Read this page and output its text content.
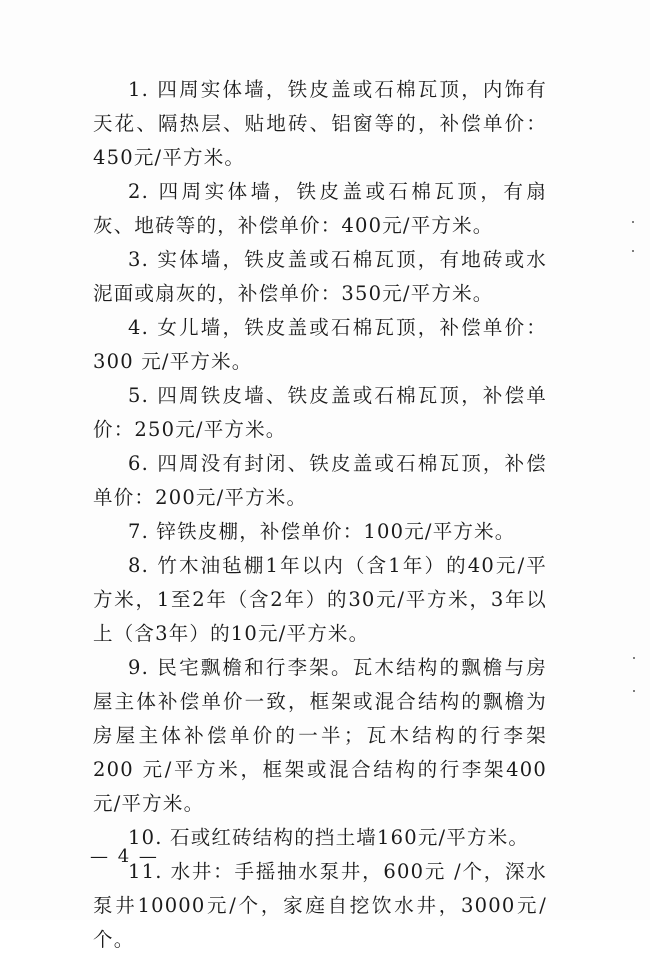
1. 四周实体墙，铁皮盖或石棉瓦顶，内饰有天花、隔热层、贴地砖、铝窗等的，补偿单价：450元/平方米。

2. 四周实体墙，铁皮盖或石棉瓦顶，有扇灰、地砖等的，补偿单价：400元/平方米。

3. 实体墙，铁皮盖或石棉瓦顶，有地砖或水泥面或扇灰的，补偿单价：350元/平方米。

4. 女儿墙，铁皮盖或石棉瓦顶，补偿单价：300 元/平方米。

5. 四周铁皮墙、铁皮盖或石棉瓦顶，补偿单价：250元/平方米。

6. 四周没有封闭、铁皮盖或石棉瓦顶，补偿单价：200元/平方米。

7. 锌铁皮棚，补偿单价：100元/平方米。

8. 竹木油毡棚1年以内（含1年）的40元/平方米，1至2年（含2年）的30元/平方米，3年以上（含3年）的10元/平方米。

9. 民宅飘檐和行李架。瓦木结构的飘檐与房屋主体补偿单价一致，框架或混合结构的飘檐为房屋主体补偿单价的一半；瓦木结构的行李架 200 元/平方米，框架或混合结构的行李架400元/平方米。

10. 石或红砖结构的挡土墙160元/平方米。

11. 水井：手摇抽水泵井，600元 /个，深水泵井10000元/个，家庭自挖饮水井，3000元/个。

— 4 —
